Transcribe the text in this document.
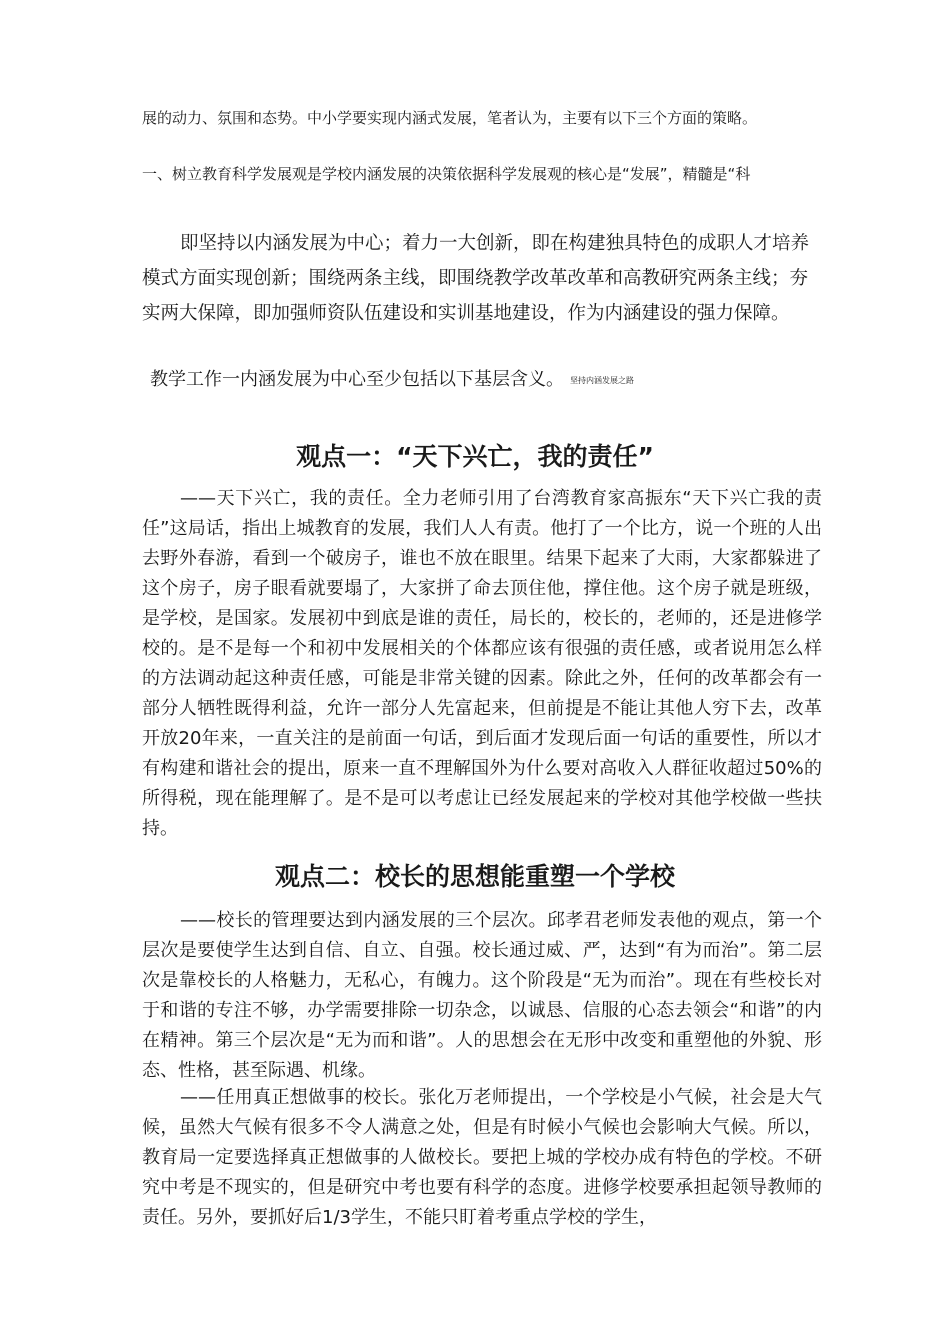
展的动力、氛围和态势。中小学要实现内涵式发展，笔者认为，主要有以下三个方面的策略。
一、树立教育科学发展观是学校内涵发展的决策依据科学发展观的核心是“发展”，精髓是“科
即坚持以内涵发展为中心；着力一大创新，即在构建独具特色的成职人才培养模式方面实现创新；围绕两条主线，即围绕教学改革改革和高教研究两条主线；夯实两大保障，即加强师资队伍建设和实训基地建设，作为内涵建设的强力保障。
教学工作一内涵发展为中心至少包括以下基层含义。 坚持内涵发展之路
观点一：“天下兴亡，我的责任”
——天下兴亡，我的责任。全力老师引用了台湾教育家高振东“天下兴亡我的责任”这局话，指出上城教育的发展，我们人人有责。他打了一个比方，说一个班的人出去野外春游，看到一个破房子，谁也不放在眼里。结果下起来了大雨，大家都躲进了这个房子，房子眼看就要塌了，大家拼了命去顶住他，撑住他。这个房子就是班级，是学校，是国家。发展初中到底是谁的责任，局长的，校长的，老师的，还是进修学校的。是不是每一个和初中发展相关的个体都应该有很强的责任感，或者说用怎么样的方法调动起这种责任感，可能是非常关键的因素。除此之外，任何的改革都会有一部分人牺牲既得利益，允许一部分人先富起来，但前提是不能让其他人穷下去，改革开放20年来，一直关注的是前面一句话，到后面才发现后面一句话的重要性，所以才有构建和谐社会的提出，原来一直不理解国外为什么要对高收入人群征收超过50%的所得税，现在能理解了。是不是可以考虑让已经发展起来的学校对其他学校做一些扶持。
观点二：校长的思想能重塑一个学校
——校长的管理要达到内涵发展的三个层次。邱孝君老师发表他的观点，第一个层次是要使学生达到自信、自立、自强。校长通过威、严，达到“有为而治”。第二层次是靠校长的人格魅力，无私心，有魄力。这个阶段是“无为而治”。现在有些校长对于和谐的专注不够，办学需要排除一切杂念，以诚恳、信服的心态去领会“和谐”的内在精神。第三个层次是“无为而和谐”。人的思想会在无形中改变和重塑他的外貌、形态、性格，甚至际遇、机缘。
——任用真正想做事的校长。张化万老师提出，一个学校是小气候，社会是大气候，虽然大气候有很多不令人满意之处，但是有时候小气候也会影响大气候。所以，教育局一定要选择真正想做事的人做校长。要把上城的学校办成有特色的学校。不研究中考是不现实的，但是研究中考也要有科学的态度。进修学校要承担起领导教师的责任。另外，要抓好后1/3学生，不能只盯着考重点学校的学生，
